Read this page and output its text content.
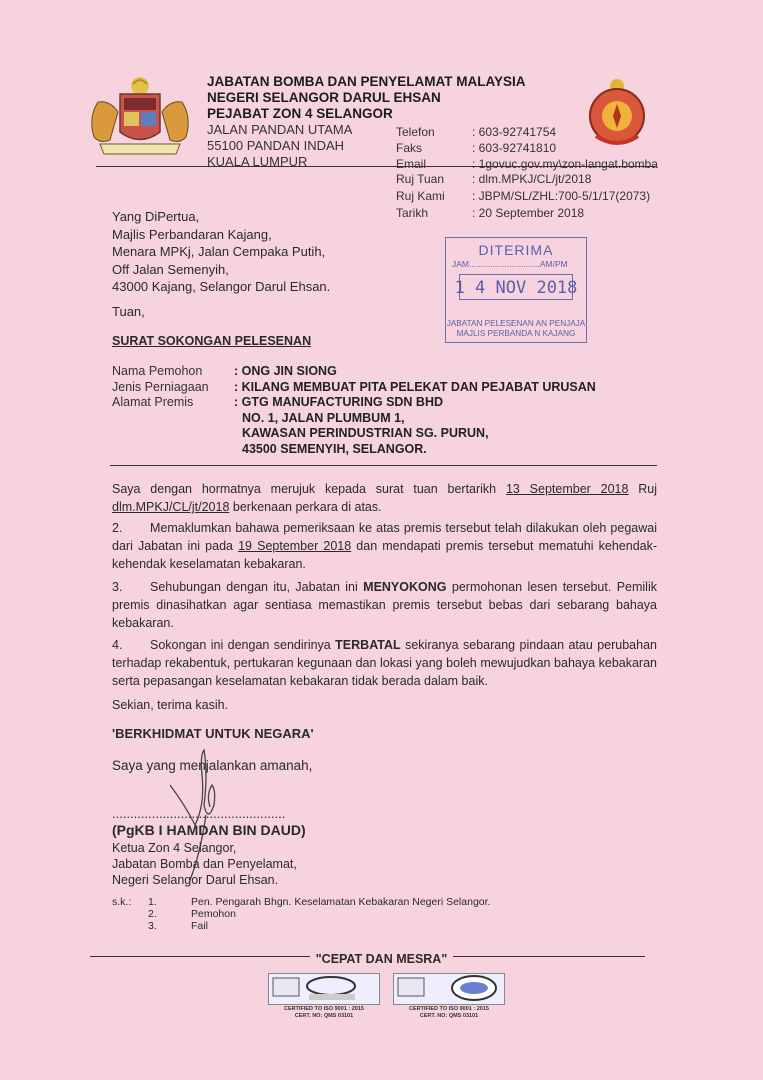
JABATAN BOMBA DAN PENYELAMAT MALAYSIA
NEGERI SELANGOR DARUL EHSAN
PEJABAT ZON 4 SELANGOR
JALAN PANDAN UTAMA
55100 PANDAN INDAH
KUALA LUMPUR
Telefon
Faks
Email
: 603-92741754
: 603-92741810
: 1govuc.gov.my\zon-langat.bomba
Ruj Tuan
Ruj Kami
Tarikh
: dlm.MPKJ/CL/jt/2018
: JBPM/SL/ZHL:700-5/1/17(2073)
: 20 September 2018
Yang DiPertua,
Majlis Perbandaran Kajang,
Menara MPKj, Jalan Cempaka Putih,
Off Jalan Semenyih,
43000 Kajang, Selangor Darul Ehsan.
Tuan,
SURAT SOKONGAN PELESENAN
DITERIMA
JAM..............................AM/PM
1 4 NOV 2018
JABATAN PELESENAN AN PENJAJA
MAJLIS PERBANDA N KAJANG
Nama Pemohon
Jenis Perniagaan
Alamat Premis
: ONG JIN SIONG
: KILANG MEMBUAT PITA PELEKAT DAN PEJABAT URUSAN
: GTG MANUFACTURING SDN BHD
NO. 1, JALAN PLUMBUM 1,
KAWASAN PERINDUSTRIAN SG. PURUN,
43500 SEMENYIH, SELANGOR.
Saya dengan hormatnya merujuk kepada surat tuan bertarikh 13 September 2018 Ruj dlm.MPKJ/CL/jt/2018 berkenaan perkara di atas.
2. Memaklumkan bahawa pemeriksaan ke atas premis tersebut telah dilakukan oleh pegawai dari Jabatan ini pada 19 September 2018 dan mendapati premis tersebut mematuhi kehendak-kehendak keselamatan kebakaran.
3. Sehubungan dengan itu, Jabatan ini MENYOKONG permohonan lesen tersebut. Pemilik premis dinasihatkan agar sentiasa memastikan premis tersebut bebas dari sebarang bahaya kebakaran.
4. Sokongan ini dengan sendirinya TERBATAL sekiranya sebarang pindaan atau perubahan terhadap rekabentuk, pertukaran kegunaan dan lokasi yang boleh mewujudkan bahaya kebakaran serta pepasangan keselamatan kebakaran tidak berada dalam baik.
Sekian, terima kasih.
'BERKHIDMAT UNTUK NEGARA'
Saya yang menjalankan amanah,
................................................
(PgKB I HAMDAN BIN DAUD)
Ketua Zon 4 Selangor,
Jabatan Bomba dan Penyelamat,
Negeri Selangor Darul Ehsan.
s.k.: 1.
2.
3.
Pen. Pengarah Bhgn. Keselamatan Kebakaran Negeri Selangor.
Pemohon
Fail
"CEPAT DAN MESRA"
CERTIFIED TO ISO 9001 : 2015
CERT. NO: QMS 03101
CERTIFIED TO ISO 9001 : 2015
CERT. NO: QMS 03101
